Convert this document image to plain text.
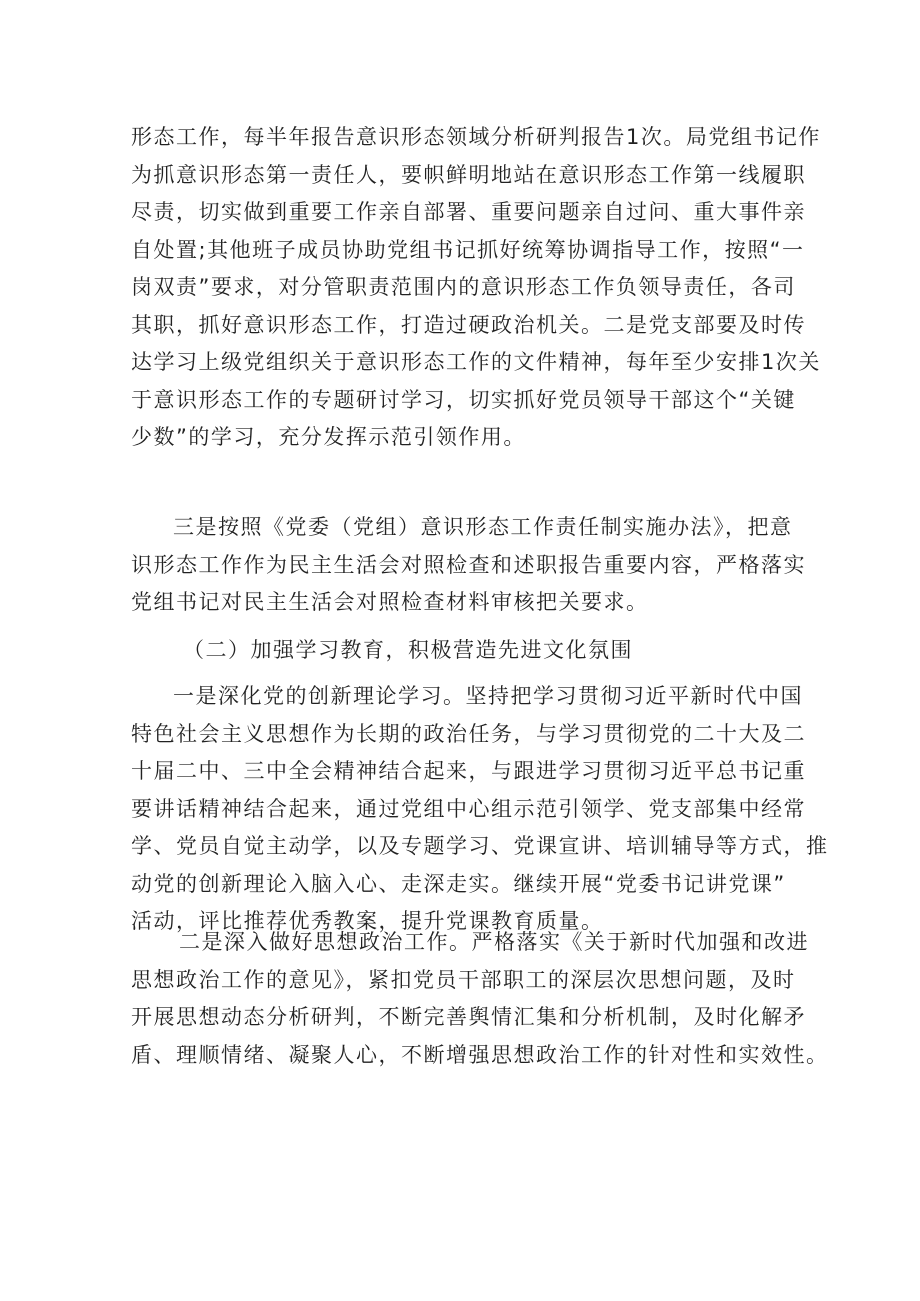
形态工作，每半年报告意识形态领域分析研判报告1次。局党组书记作
为抓意识形态第一责任人，要帜鲜明地站在意识形态工作第一线履职
尽责，切实做到重要工作亲自部署、重要问题亲自过问、重大事件亲
自处置;其他班子成员协助党组书记抓好统筹协调指导工作，按照“一
岗双责”要求，对分管职责范围内的意识形态工作负领导责任，各司
其职，抓好意识形态工作，打造过硬政治机关。二是党支部要及时传
达学习上级党组织关于意识形态工作的文件精神，每年至少安排1次关
于意识形态工作的专题研讨学习，切实抓好党员领导干部这个“关键
少数”的学习，充分发挥示范引领作用。
三是按照《党委（党组）意识形态工作责任制实施办法》，把意
识形态工作作为民主生活会对照检查和述职报告重要内容，严格落实
党组书记对民主生活会对照检查材料审核把关要求。
（二）加强学习教育，积极营造先进文化氛围
一是深化党的创新理论学习。坚持把学习贯彻习近平新时代中国
特色社会主义思想作为长期的政治任务，与学习贯彻党的二十大及二
十届二中、三中全会精神结合起来，与跟进学习贯彻习近平总书记重
要讲话精神结合起来，通过党组中心组示范引领学、党支部集中经常
学、党员自觉主动学，以及专题学习、党课宣讲、培训辅导等方式，推
动党的创新理论入脑入心、走深走实。继续开展“党委书记讲党课”
活动，评比推荐优秀教案，提升党课教育质量。
二是深入做好思想政治工作。严格落实《关于新时代加强和改进
思想政治工作的意见》，紧扣党员干部职工的深层次思想问题，及时
开展思想动态分析研判，不断完善舆情汇集和分析机制，及时化解矛
盾、理顺情绪、凝聚人心，不断增强思想政治工作的针对性和实效性。
